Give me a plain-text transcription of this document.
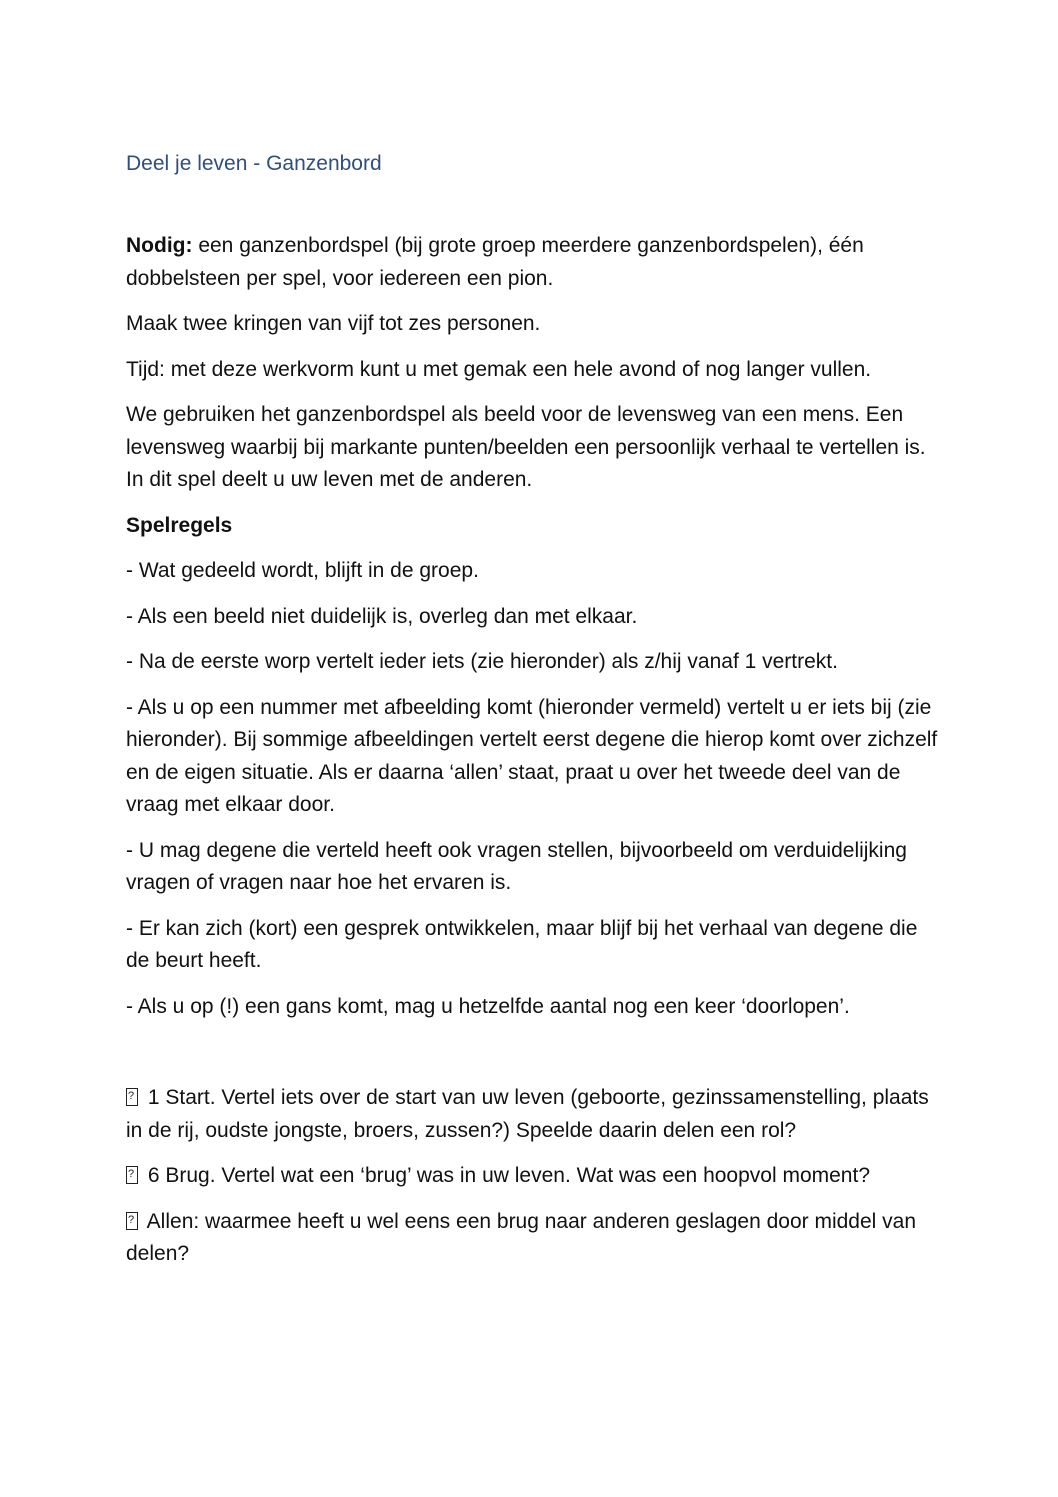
Deel je leven - Ganzenbord

Nodig: een ganzenbordspel (bij grote groep meerdere ganzenbordspelen), één dobbelsteen per spel, voor iedereen een pion.

Maak twee kringen van vijf tot zes personen.

Tijd: met deze werkvorm kunt u met gemak een hele avond of nog langer vullen.

We gebruiken het ganzenbordspel als beeld voor de levensweg van een mens. Een levensweg waarbij bij markante punten/beelden een persoonlijk verhaal te vertellen is. In dit spel deelt u uw leven met de anderen.

Spelregels

- Wat gedeeld wordt, blijft in de groep.

- Als een beeld niet duidelijk is, overleg dan met elkaar.

- Na de eerste worp vertelt ieder iets (zie hieronder) als z/hij vanaf 1 vertrekt.

- Als u op een nummer met afbeelding komt (hieronder vermeld) vertelt u er iets bij (zie hieronder). Bij sommige afbeeldingen vertelt eerst degene die hierop komt over zichzelf en de eigen situatie. Als er daarna ‘allen’ staat, praat u over het tweede deel van de vraag met elkaar door.

- U mag degene die verteld heeft ook vragen stellen, bijvoorbeeld om verduidelijking vragen of vragen naar hoe het ervaren is.

- Er kan zich (kort) een gesprek ontwikkelen, maar blijf bij het verhaal van degene die de beurt heeft.

- Als u op (!) een gans komt, mag u hetzelfde aantal nog een keer ‘doorlopen’.

? 1 Start. Vertel iets over de start van uw leven (geboorte, gezinssamenstelling, plaats in de rij, oudste jongste, broers, zussen?) Speelde daarin delen een rol?

? 6 Brug. Vertel wat een ‘brug’ was in uw leven. Wat was een hoopvol moment?

? Allen: waarmee heeft u wel eens een brug naar anderen geslagen door middel van delen?
